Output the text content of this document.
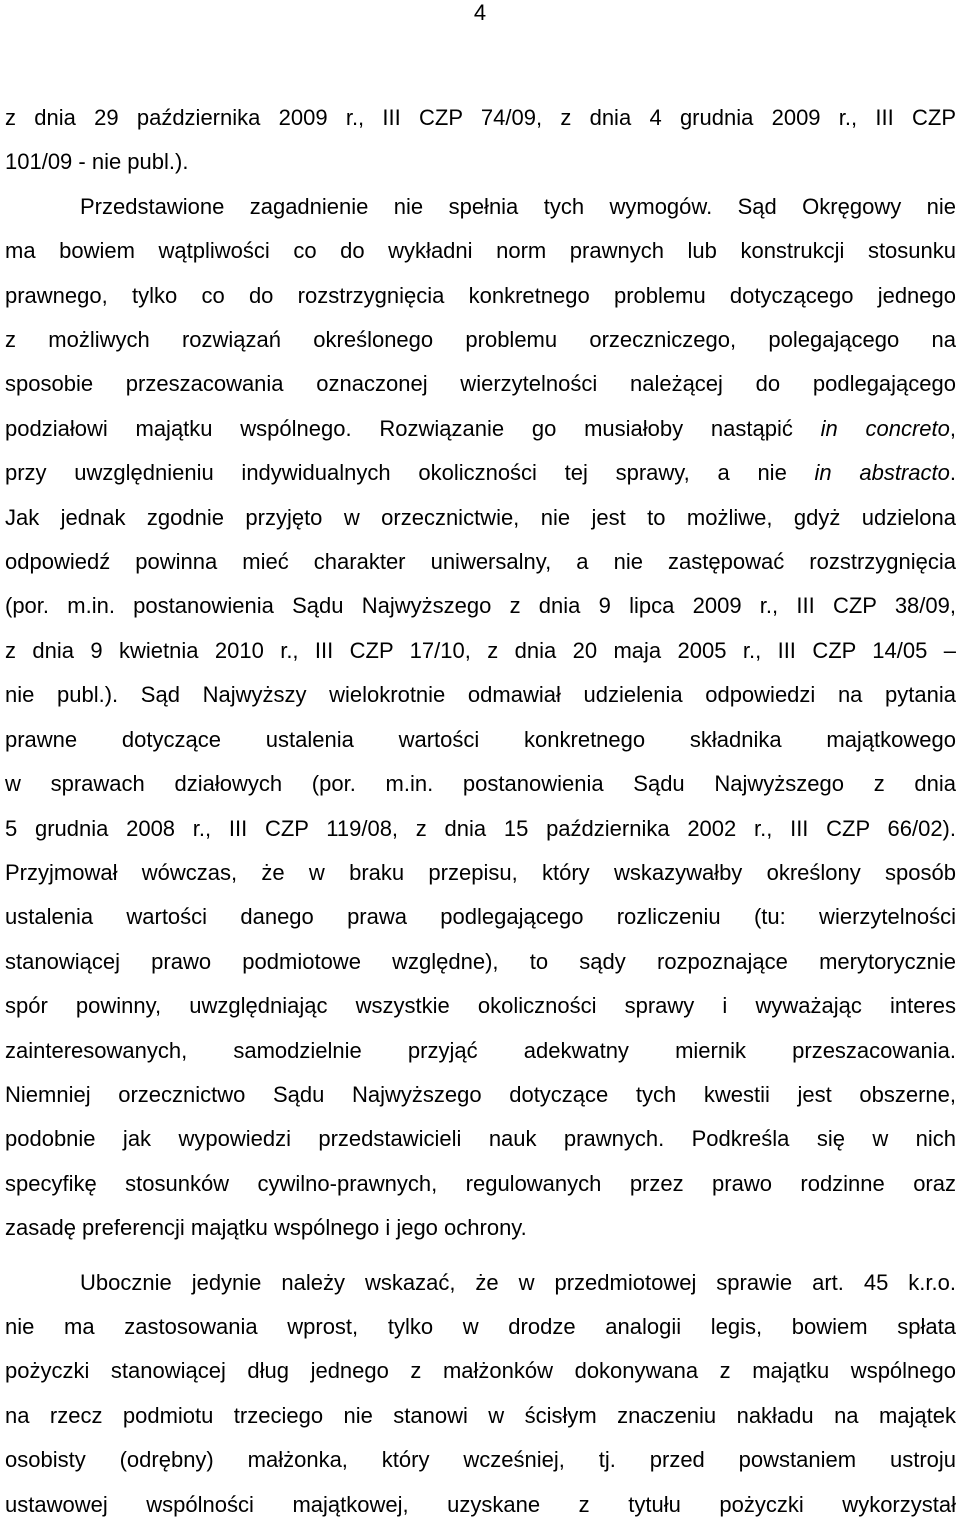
4
z dnia 29 października 2009 r., III CZP 74/09, z dnia 4 grudnia 2009 r., III CZP
101/09 - nie publ.).
Przedstawione zagadnienie nie spełnia tych wymogów. Sąd Okręgowy nie
ma bowiem wątpliwości co do wykładni norm prawnych lub konstrukcji stosunku
prawnego, tylko co do rozstrzygnięcia konkretnego problemu dotyczącego jednego
z możliwych rozwiązań określonego problemu orzeczniczego, polegającego na
sposobie przeszacowania oznaczonej wierzytelności należącej do podlegającego
podziałowi majątku wspólnego. Rozwiązanie go musiałoby nastąpić in concreto,
przy uwzględnieniu indywidualnych okoliczności tej sprawy, a nie in abstracto.
Jak jednak zgodnie przyjęto w orzecznictwie, nie jest to możliwe, gdyż udzielona
odpowiedź powinna mieć charakter uniwersalny, a nie zastępować rozstrzygnięcia
(por. m.in. postanowienia Sądu Najwyższego z dnia 9 lipca 2009 r., III CZP 38/09,
z dnia 9 kwietnia 2010 r., III CZP 17/10, z dnia 20 maja 2005 r., III CZP 14/05 –
nie publ.). Sąd Najwyższy wielokrotnie odmawiał udzielenia odpowiedzi na pytania
prawne dotyczące ustalenia wartości konkretnego składnika majątkowego
w sprawach działowych (por. m.in. postanowienia Sądu Najwyższego z dnia
5 grudnia 2008 r., III CZP 119/08, z dnia 15 października 2002 r., III CZP 66/02).
Przyjmował wówczas, że w braku przepisu, który wskazywałby określony sposób
ustalenia wartości danego prawa podlegającego rozliczeniu (tu: wierzytelności
stanowiącej prawo podmiotowe względne), to sądy rozpoznające merytorycznie
spór powinny, uwzględniając wszystkie okoliczności sprawy i wyważając interes
zainteresowanych, samodzielnie przyjąć adekwatny miernik przeszacowania.
Niemniej orzecznictwo Sądu Najwyższego dotyczące tych kwestii jest obszerne,
podobnie jak wypowiedzi przedstawicieli nauk prawnych. Podkreśla się w nich
specyfikę stosunków cywilno-prawnych, regulowanych przez prawo rodzinne oraz
zasadę preferencji majątku wspólnego i jego ochrony.
Ubocznie jedynie należy wskazać, że w przedmiotowej sprawie art. 45 k.r.o.
nie ma zastosowania wprost, tylko w drodze analogii legis, bowiem spłata
pożyczki stanowiącej dług jednego z małżonków dokonywana z majątku wspólnego
na rzecz podmiotu trzeciego nie stanowi w ścisłym znaczeniu nakładu na majątek
osobisty (odrębny) małżonka, który wcześniej, tj. przed powstaniem ustroju
ustawowej wspólności majątkowej, uzyskane z tytułu pożyczki wykorzystał
